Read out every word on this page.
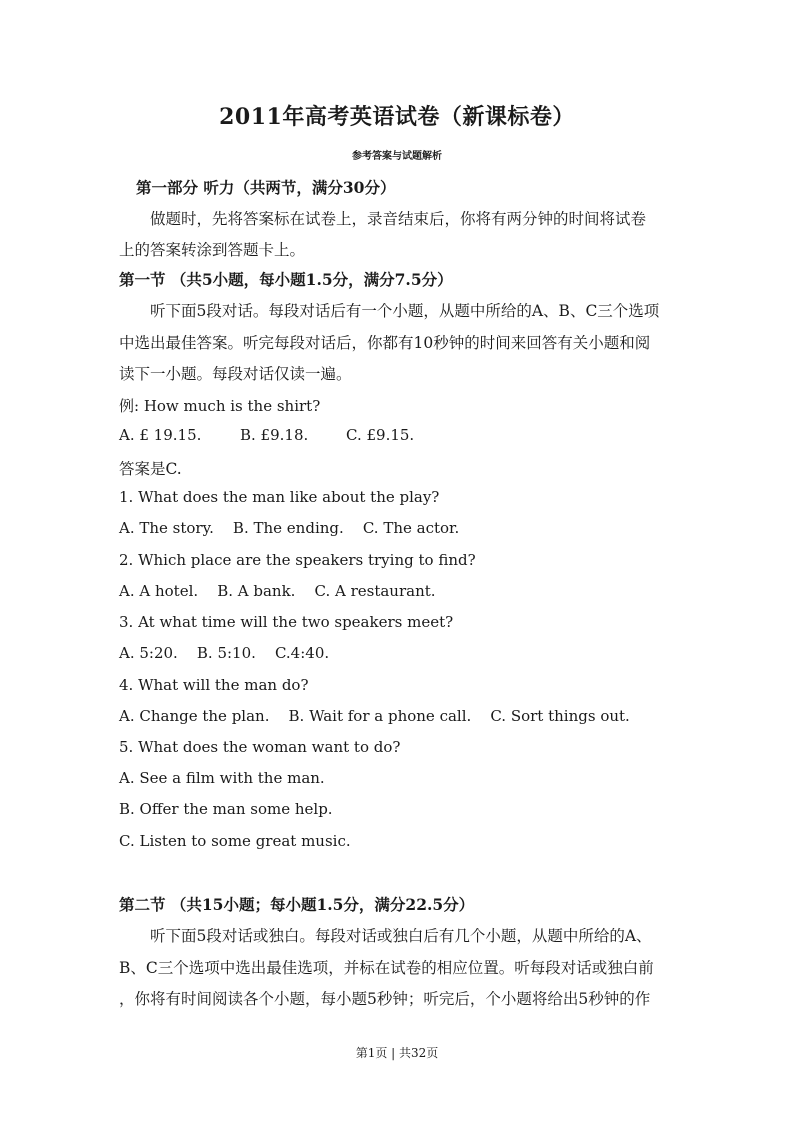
2011年高考英语试卷（新课标卷）
参考答案与试题解析
第一部分 听力（共两节，满分30分）
做题时，先将答案标在试卷上，录音结束后，你将有两分钟的时间将试卷
上的答案转涂到答题卡上。
第一节 （共5小题，每小题1.5分，满分7.5分）
听下面5段对话。每段对话后有一个小题，从题中所给的A、B、C三个选项
中选出最佳答案。听完每段对话后，你都有10秒钟的时间来回答有关小题和阅
读下一小题。每段对话仅读一遍。
例: How much is the shirt?
A. £ 19.15.	B. £9.18.	C. £9.15.
答案是C.
1. What does the man like about the play?
A. The story.    B. The ending.    C. The actor.
2. Which place are the speakers trying to find?
A. A hotel.    B. A bank.    C. A restaurant.
3. At what time will the two speakers meet?
A. 5:20.    B. 5:10.    C.4:40.
4. What will the man do?
A. Change the plan.    B. Wait for a phone call.    C. Sort things out.
5. What does the woman want to do?
A. See a film with the man.
B. Offer the man some help.
C. Listen to some great music.
第二节 （共15小题；每小题1.5分，满分22.5分）
听下面5段对话或独白。每段对话或独白后有几个小题，从题中所给的A、
B、C三个选项中选出最佳选项，并标在试卷的相应位置。听每段对话或独白前
，你将有时间阅读各个小题，每小题5秒钟；听完后，个小题将给出5秒钟的作
第1页 | 共32页
